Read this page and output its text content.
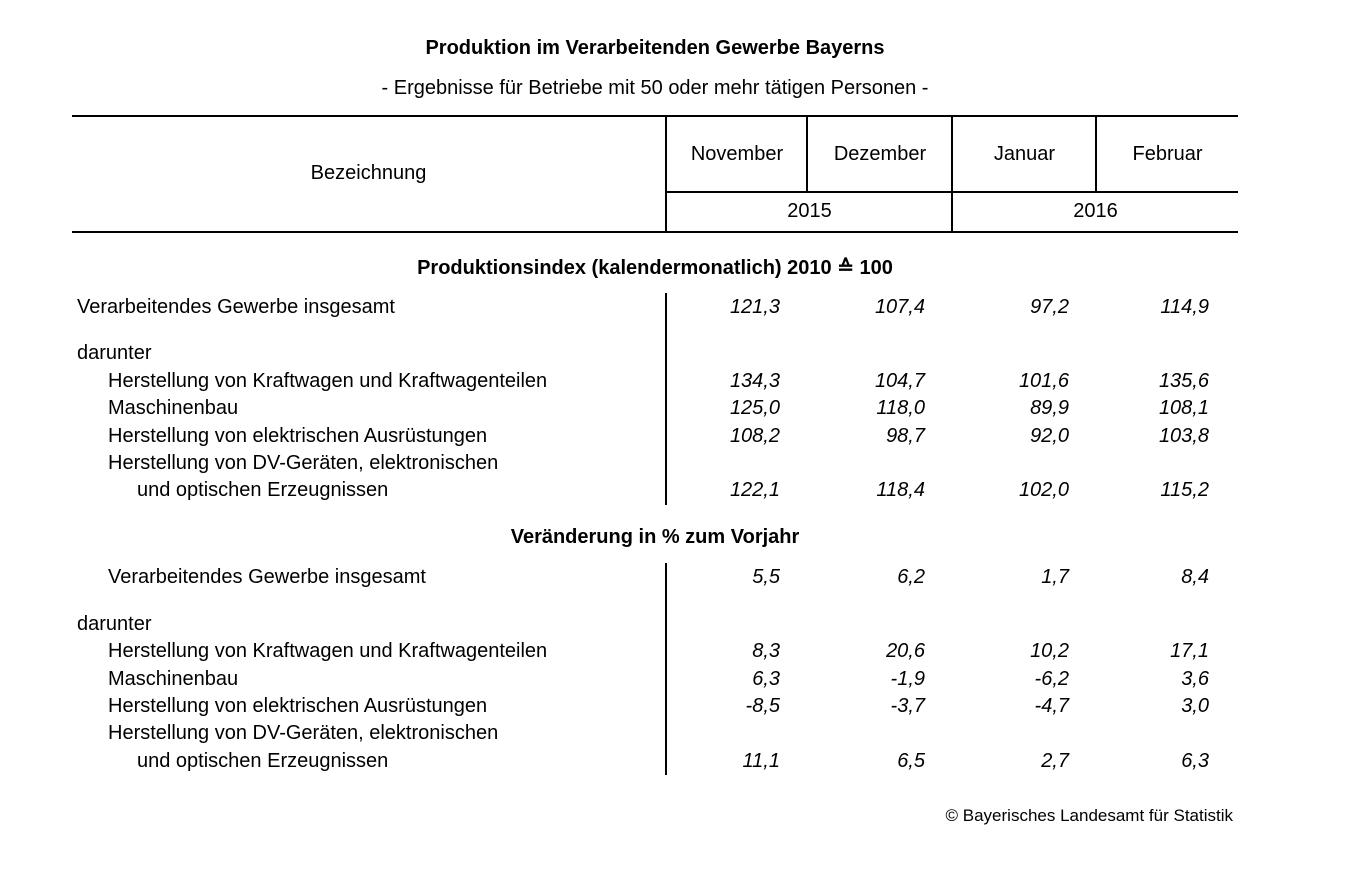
Produktion im Verarbeitenden Gewerbe Bayerns
- Ergebnisse für Betriebe mit 50 oder mehr tätigen Personen -
Bezeichnung
November	Dezember	Januar	Februar
2015	2016
Produktionsindex (kalendermonatlich) 2010 ≙ 100
Verarbeitendes Gewerbe insgesamt	121,3	107,4	97,2	114,9
darunter
Herstellung von Kraftwagen und Kraftwagenteilen	134,3	104,7	101,6	135,6
Maschinenbau	125,0	118,0	89,9	108,1
Herstellung von elektrischen Ausrüstungen	108,2	98,7	92,0	103,8
Herstellung von DV-Geräten, elektronischen
und optischen Erzeugnissen	122,1	118,4	102,0	115,2
Veränderung in % zum Vorjahr
Verarbeitendes Gewerbe insgesamt	5,5	6,2	1,7	8,4
darunter
Herstellung von Kraftwagen und Kraftwagenteilen	8,3	20,6	10,2	17,1
Maschinenbau	6,3	-1,9	-6,2	3,6
Herstellung von elektrischen Ausrüstungen	-8,5	-3,7	-4,7	3,0
Herstellung von DV-Geräten, elektronischen
und optischen Erzeugnissen	11,1	6,5	2,7	6,3
© Bayerisches Landesamt für Statistik
